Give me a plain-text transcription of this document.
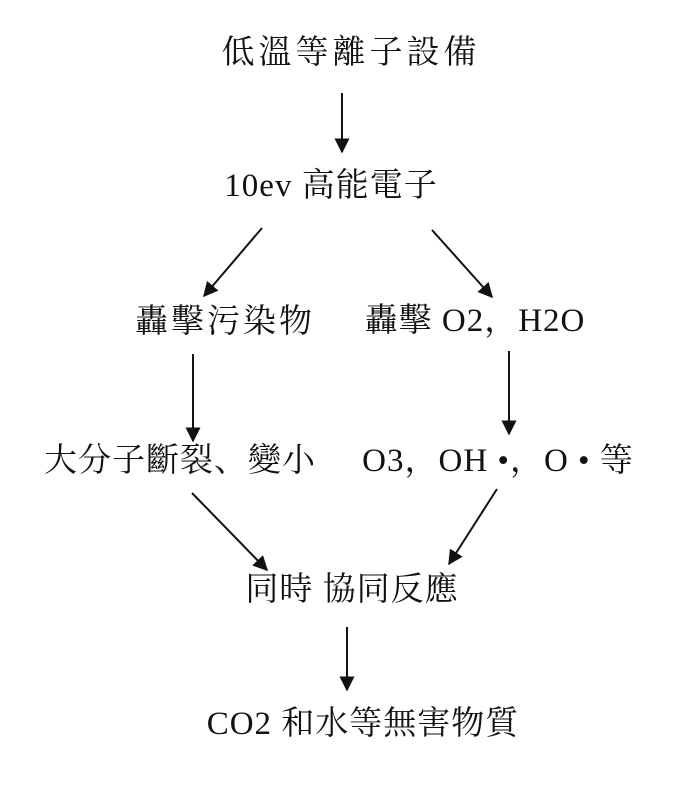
低溫等離子設備
10ev 高能電子
轟擊污染物 轟擊 O2，H2O
大分子斷裂、變小 O3，OH •，O • 等
同時 協同反應
CO2 和水等無害物質
